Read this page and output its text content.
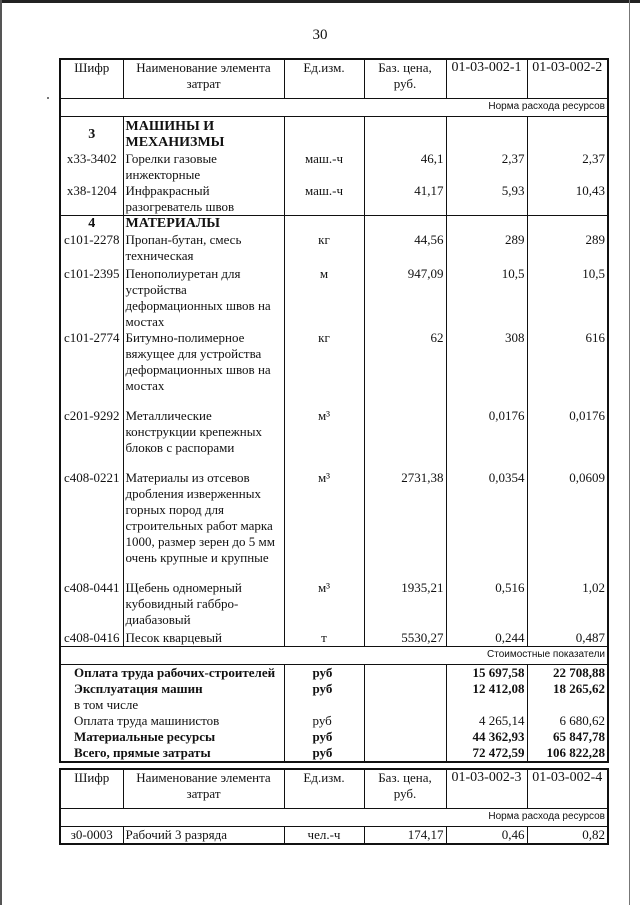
30
Шифр	Наименование элемента затрат	Ед.изм.	Баз. цена, руб.	01-03-002-1	01-03-002-2
Норма расхода ресурсов					
3	МАШИНЫ И МЕХАНИЗМЫ				
х33-3402	Горелки газовые инжекторные	маш.-ч	46,1	2,37	2,37
х38-1204	Инфракрасный разогреватель швов	маш.-ч	41,17	5,93	10,43
4	МАТЕРИАЛЫ				
с101-2278	Пропан-бутан, смесь техническая	кг	44,56	289	289
с101-2395	Пенополиуретан для устройства деформационных швов на мостах	м	947,09	10,5	10,5
с101-2774	Битумно-полимерное вяжущее для устройства деформационных швов на мостах	кг	62	308	616
с201-9292	Металлические конструкции крепежных блоков с распорами	м³		0,0176	0,0176
с408-0221	Материалы из отсевов дробления изверженных горных пород для строительных работ марка 1000, размер зерен до 5 мм очень крупные и крупные	м³	2731,38	0,0354	0,0609
с408-0441	Щебень одномерный кубовидный габбро-диабазовый	м³	1935,21	0,516	1,02
с408-0416	Песок кварцевый	т	5530,27	0,244	0,487
Стоимостные показатели					
Оплата труда рабочих-строителей		руб		15 697,58	22 708,88
Эксплуатация машин		руб		12 412,08	18 265,62
в том числе					
Оплата труда машинистов		руб		4 265,14	6 680,62
Материальные ресурсы		руб		44 362,93	65 847,78
Всего, прямые затраты		руб		72 472,59	106 822,28
Шифр	Наименование элемента затрат	Ед.изм.	Баз. цена, руб.	01-03-002-3	01-03-002-4
Норма расхода ресурсов					
з0-0003	Рабочий 3 разряда	чел.-ч	174,17	0,46	0,82
